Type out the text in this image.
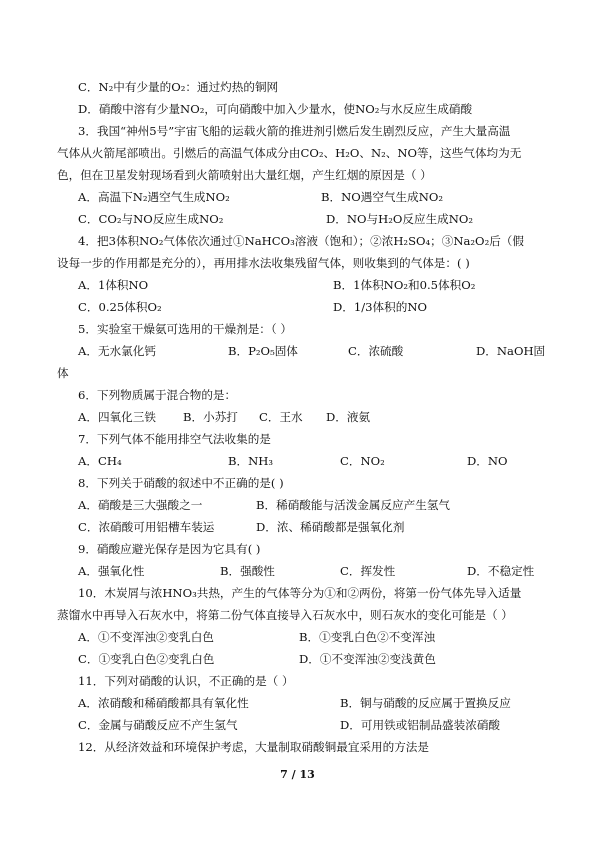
C．N₂中有少量的O₂：通过灼热的铜网
D．硝酸中溶有少量NO₂，可向硝酸中加入少量水，使NO₂与水反应生成硝酸
3．我国“神州5号”宇宙飞船的运载火箭的推进剂引燃后发生剧烈反应，产生大量高温
气体从火箭尾部喷出。引燃后的高温气体成分由CO₂、H₂O、N₂、NO等，这些气体均为无
色，但在卫星发射现场看到火箭喷射出大量红烟，产生红烟的原因是（ ）
A．高温下N₂遇空气生成NO₂	B．NO遇空气生成NO₂
C．CO₂与NO反应生成NO₂	D．NO与H₂O反应生成NO₂
4．把3体积NO₂气体依次通过①NaHCO₃溶液（饱和）；②浓H₂SO₄；③Na₂O₂后（假
设每一步的作用都是充分的），再用排水法收集残留气体，则收集到的气体是：( )
A．1体积NO	B．1体积NO₂和0.5体积O₂
C．0.25体积O₂	D．1/3体积的NO
5．实验室干燥氨可选用的干燥剂是：（ ）
A．无水氯化钙	B．P₂O₅固体	C．浓硫酸	D．NaOH固
体
6．下列物质属于混合物的是：
A．四氧化三铁 B．小苏打 C．王水 D．液氨
7．下列气体不能用排空气法收集的是
A．CH₄	B．NH₃	C．NO₂	D．NO
8．下列关于硝酸的叙述中不正确的是( )
A．硝酸是三大强酸之一	B．稀硝酸能与活泼金属反应产生氢气
C．浓硝酸可用铝槽车装运	D．浓、稀硝酸都是强氧化剂
9．硝酸应避光保存是因为它具有( )
A．强氧化性	B．强酸性	C．挥发性	D．不稳定性
10．木炭屑与浓HNO₃共热，产生的气体等分为①和②两份，将第一份气体先导入适量
蒸馏水中再导入石灰水中，将第二份气体直接导入石灰水中，则石灰水的变化可能是（ ）
A．①不变浑浊②变乳白色	B．①变乳白色②不变浑浊
C．①变乳白色②变乳白色	D．①不变浑浊②变浅黄色
11．下列对硝酸的认识，不正确的是（ ）
A．浓硝酸和稀硝酸都具有氧化性	B．铜与硝酸的反应属于置换反应
C．金属与硝酸反应不产生氢气	D．可用铁或铝制品盛装浓硝酸
12．从经济效益和环境保护考虑，大量制取硝酸铜最宜采用的方法是
7 / 13
